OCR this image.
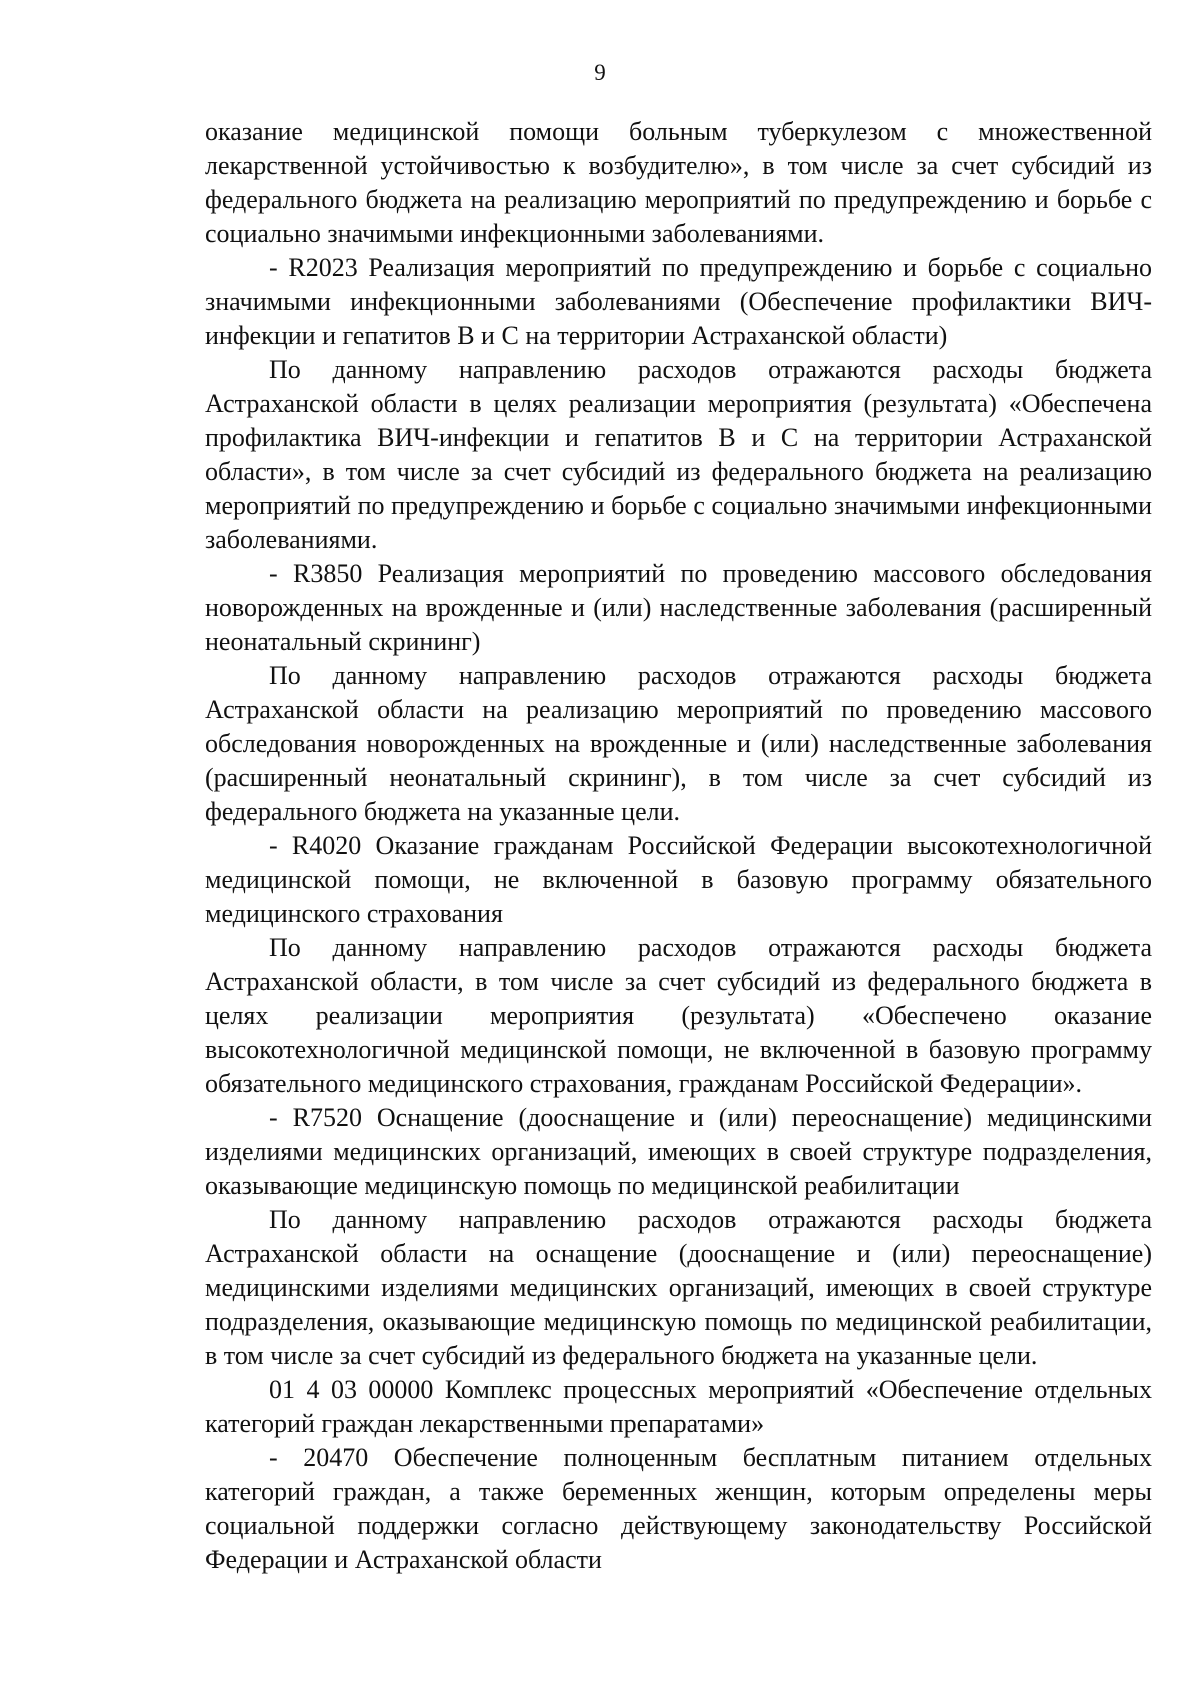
9

оказание медицинской помощи больным туберкулезом с множественной лекарственной устойчивостью к возбудителю», в том числе за счет субсидий из федерального бюджета на реализацию мероприятий по предупреждению и борьбе с социально значимыми инфекционными заболеваниями.

- R2023 Реализация мероприятий по предупреждению и борьбе с социально значимыми инфекционными заболеваниями (Обеспечение профилактики ВИЧ-инфекции и гепатитов В и С на территории Астраханской области)

По данному направлению расходов отражаются расходы бюджета Астраханской области в целях реализации мероприятия (результата) «Обеспечена профилактика ВИЧ-инфекции и гепатитов В и С на территории Астраханской области», в том числе за счет субсидий из федерального бюджета на реализацию мероприятий по предупреждению и борьбе с социально значимыми инфекционными заболеваниями.

- R3850 Реализация мероприятий по проведению массового обследования новорожденных на врожденные и (или) наследственные заболевания (расширенный неонатальный скрининг)

По данному направлению расходов отражаются расходы бюджета Астраханской области на реализацию мероприятий по проведению массового обследования новорожденных на врожденные и (или) наследственные заболевания (расширенный неонатальный скрининг), в том числе за счет субсидий из федерального бюджета на указанные цели.

- R4020 Оказание гражданам Российской Федерации высокотехнологичной медицинской помощи, не включенной в базовую программу обязательного медицинского страхования

По данному направлению расходов отражаются расходы бюджета Астраханской области, в том числе за счет субсидий из федерального бюджета в целях реализации мероприятия (результата) «Обеспечено оказание высокотехнологичной медицинской помощи, не включенной в базовую программу обязательного медицинского страхования, гражданам Российской Федерации».

- R7520 Оснащение (дооснащение и (или) переоснащение) медицинскими изделиями медицинских организаций, имеющих в своей структуре подразделения, оказывающие медицинскую помощь по медицинской реабилитации

По данному направлению расходов отражаются расходы бюджета Астраханской области на оснащение (дооснащение и (или) переоснащение) медицинскими изделиями медицинских организаций, имеющих в своей структуре подразделения, оказывающие медицинскую помощь по медицинской реабилитации, в том числе за счет субсидий из федерального бюджета на указанные цели.

01 4 03 00000 Комплекс процессных мероприятий «Обеспечение отдельных категорий граждан лекарственными препаратами»

- 20470 Обеспечение полноценным бесплатным питанием отдельных категорий граждан, а также беременных женщин, которым определены меры социальной поддержки согласно действующему законодательству Российской Федерации и Астраханской области
